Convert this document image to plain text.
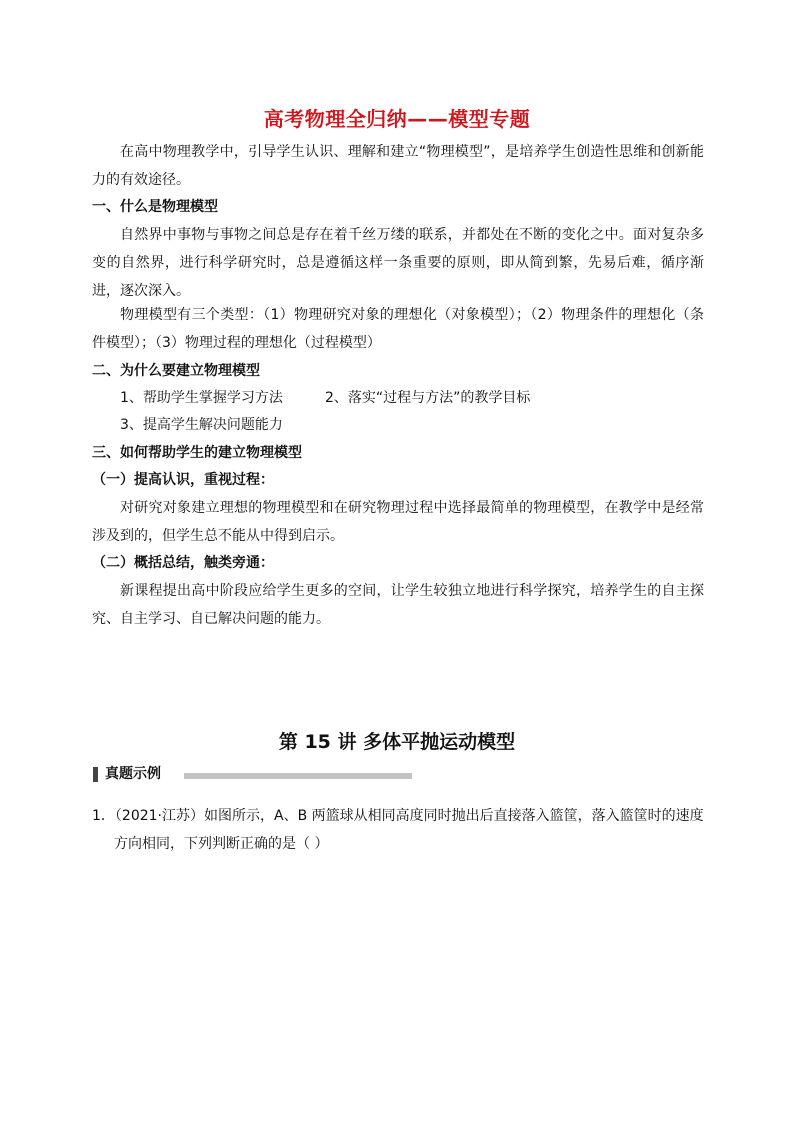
高考物理全归纳——模型专题
在高中物理教学中，引导学生认识、理解和建立“物理模型”，是培养学生创造性思维和创新能力的有效途径。
一、什么是物理模型
自然界中事物与事物之间总是存在着千丝万缕的联系，并都处在不断的变化之中。面对复杂多变的自然界，进行科学研究时，总是遵循这样一条重要的原则，即从简到繁，先易后难，循序渐进，逐次深入。
物理模型有三个类型：（1）物理研究对象的理想化（对象模型）；（2）物理条件的理想化（条件模型）；（3）物理过程的理想化（过程模型）
二、为什么要建立物理模型
1、帮助学生掌握学习方法	2、落实“过程与方法”的教学目标
3、提高学生解决问题能力
三、如何帮助学生的建立物理模型
（一）提高认识，重视过程：
对研究对象建立理想的物理模型和在研究物理过程中选择最简单的物理模型，在教学中是经常涉及到的，但学生总不能从中得到启示。
（二）概括总结，触类旁通：
新课程提出高中阶段应给学生更多的空间，让学生较独立地进行科学探究，培养学生的自主探究、自主学习、自已解决问题的能力。
第 15 讲 多体平抛运动模型
真题示例
1．（2021·江苏）如图所示，A、B 两篮球从相同高度同时抛出后直接落入篮筐，落入篮筐时的速度
方向相同，下列判断正确的是（ ）
